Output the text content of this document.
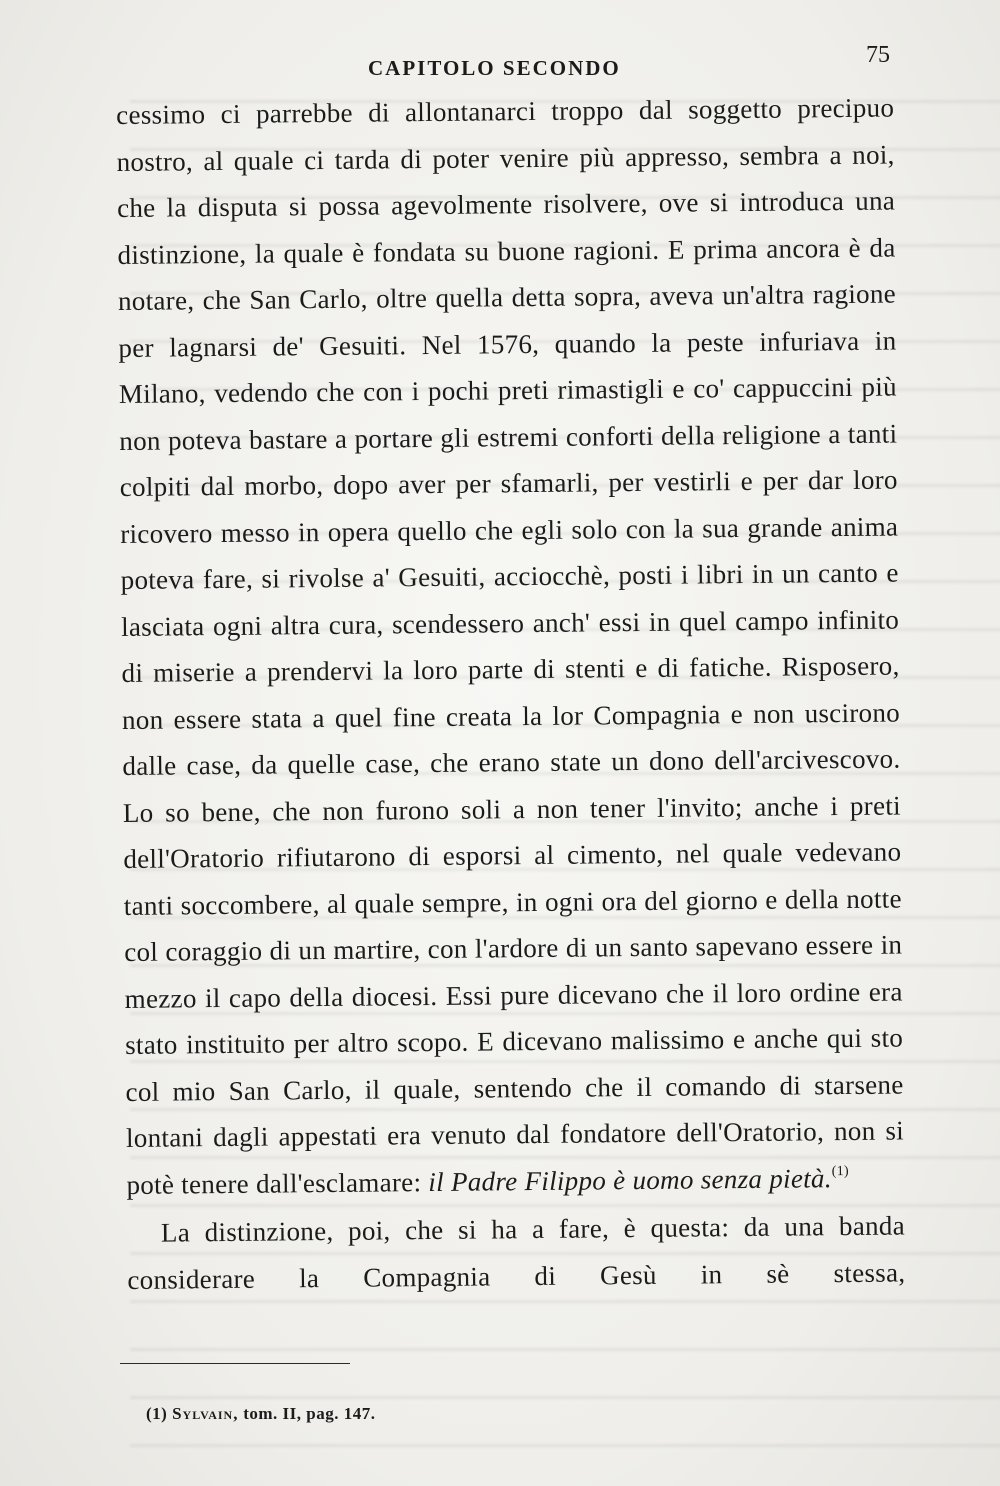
CAPITOLO SECONDO	75

cessimo ci parrebbe di allontanarci troppo dal soggetto precipuo nostro, al quale ci tarda di poter venire più appresso, sembra a noi, che la disputa si possa agevolmente risolvere, ove si introduca una distinzione, la quale è fondata su buone ragioni. E prima ancora è da notare, che San Carlo, oltre quella detta sopra, aveva un'altra ragione per lagnarsi de' Gesuiti. Nel 1576, quando la peste infuriava in Milano, vedendo che con i pochi preti rimastigli e co' cappuccini più non poteva bastare a portare gli estremi conforti della religione a tanti colpiti dal morbo, dopo aver per sfamarli, per vestirli e per dar loro ricovero messo in opera quello che egli solo con la sua grande anima poteva fare, si rivolse a' Gesuiti, acciocchè, posti i libri in un canto e lasciata ogni altra cura, scendessero anch' essi in quel campo infinito di miserie a prendervi la loro parte di stenti e di fatiche. Risposero, non essere stata a quel fine creata la lor Compagnia e non uscirono dalle case, da quelle case, che erano state un dono dell'arcivescovo. Lo so bene, che non furono soli a non tener l'invito; anche i preti dell'Oratorio rifiutarono di esporsi al cimento, nel quale vedevano tanti soccombere, al quale sempre, in ogni ora del giorno e della notte col coraggio di un martire, con l'ardore di un santo sapevano essere in mezzo il capo della diocesi. Essi pure dicevano che il loro ordine era stato instituito per altro scopo. E dicevano malissimo e anche qui sto col mio San Carlo, il quale, sentendo che il comando di starsene lontani dagli appestati era venuto dal fondatore dell'Oratorio, non si potè tenere dall'esclamare: il Padre Filippo è uomo senza pietà.$^{(1)}$

La distinzione, poi, che si ha a fare, è questa: da una banda considerare la Compagnia di Gesù in sè stessa,

(1) Sylvain, tom. II, pag. 147.
